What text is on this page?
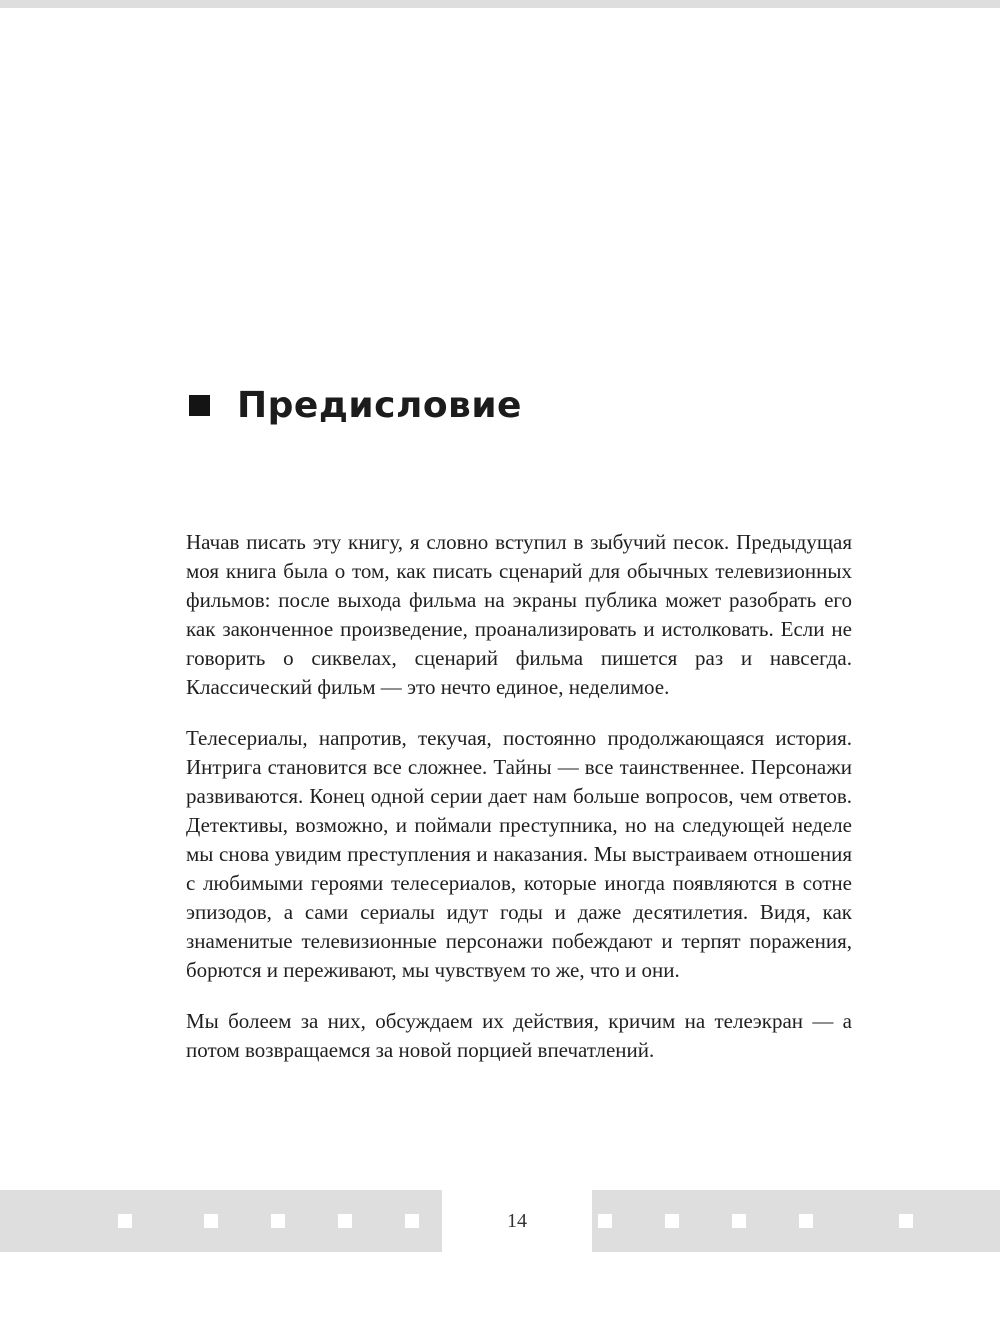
Предисловие

Начав писать эту книгу, я словно вступил в зыбучий песок. Предыдущая моя книга была о том, как писать сценарий для обычных телевизионных фильмов: после выхода фильма на экраны публика может разобрать его как законченное произведение, проанализировать и истолковать. Если не говорить о сиквелах, сценарий фильма пишется раз и навсегда. Классический фильм — это нечто единое, неделимое.

Телесериалы, напротив, текучая, постоянно продолжающаяся история. Интрига становится все сложнее. Тайны — все таинственнее. Персонажи развиваются. Конец одной серии дает нам больше вопросов, чем ответов. Детективы, возможно, и поймали преступника, но на следующей неделе мы снова увидим преступления и наказания. Мы выстраиваем отношения с любимыми героями телесериалов, которые иногда появляются в сотне эпизодов, а сами сериалы идут годы и даже десятилетия. Видя, как знаменитые телевизионные персонажи побеждают и терпят поражения, борются и переживают, мы чувствуем то же, что и они.

Мы болеем за них, обсуждаем их действия, кричим на телеэкран — а потом возвращаемся за новой порцией впечатлений.

14
